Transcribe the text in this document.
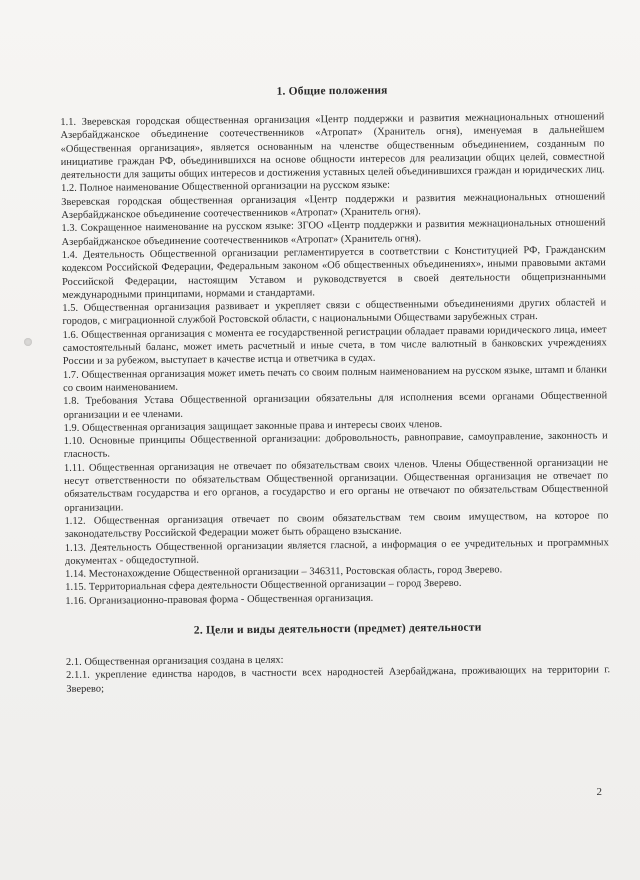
1. Общие положения

1.1. Зверевская городская общественная организация «Центр поддержки и развития межнациональных отношений Азербайджанское объединение соотечественников «Атропат» (Хранитель огня), именуемая в дальнейшем «Общественная организация», является основанным на членстве общественным объединением, созданным по инициативе граждан РФ, объединившихся на основе общности интересов для реализации общих целей, совместной деятельности для защиты общих интересов и достижения уставных целей объединившихся граждан и юридических лиц.

1.2. Полное наименование Общественной организации на русском языке:

Зверевская городская общественная организация «Центр поддержки и развития межнациональных отношений Азербайджанское объединение соотечественников «Атропат» (Хранитель огня).

1.3. Сокращенное наименование на русском языке: ЗГОО «Центр поддержки и развития межнациональных отношений Азербайджанское объединение соотечественников «Атропат» (Хранитель огня).

1.4. Деятельность Общественной организации регламентируется в соответствии с Конституцией РФ, Гражданским кодексом Российской Федерации, Федеральным законом «Об общественных объединениях», иными правовыми актами Российской Федерации, настоящим Уставом и руководствуется в своей деятельности общепризнанными международными принципами, нормами и стандартами.

1.5. Общественная организация развивает и укрепляет связи с общественными объединениями других областей и городов, с миграционной службой Ростовской области, с национальными Обществами зарубежных стран.

1.6. Общественная организация с момента ее государственной регистрации обладает правами юридического лица, имеет самостоятельный баланс, может иметь расчетный и иные счета, в том числе валютный в банковских учреждениях России и за рубежом, выступает в качестве истца и ответчика в судах.

1.7. Общественная организация может иметь печать со своим полным наименованием на русском языке, штамп и бланки со своим наименованием.

1.8. Требования Устава Общественной организации обязательны для исполнения всеми органами Общественной организации и ее членами.

1.9. Общественная организация защищает законные права и интересы своих членов.

1.10. Основные принципы Общественной организации: добровольность, равноправие, самоуправление, законность и гласность.

1.11. Общественная организация не отвечает по обязательствам своих членов. Члены Общественной организации не несут ответственности по обязательствам Общественной организации. Общественная организация не отвечает по обязательствам государства и его органов, а государство и его органы не отвечают по обязательствам Общественной организации.

1.12. Общественная организация отвечает по своим обязательствам тем своим имуществом, на которое по законодательству Российской Федерации может быть обращено взыскание.

1.13. Деятельность Общественной организации является гласной, а информация о ее учредительных и программных документах - общедоступной.

1.14. Местонахождение Общественной организации – 346311, Ростовская область, город Зверево.

1.15. Территориальная сфера деятельности Общественной организации – город Зверево.

1.16. Организационно-правовая форма - Общественная организация.

2. Цели и виды деятельности (предмет) деятельности

2.1. Общественная организация создана в целях:

2.1.1. укрепление единства народов, в частности всех народностей Азербайджана, проживающих на территории г. Зверево;

2
